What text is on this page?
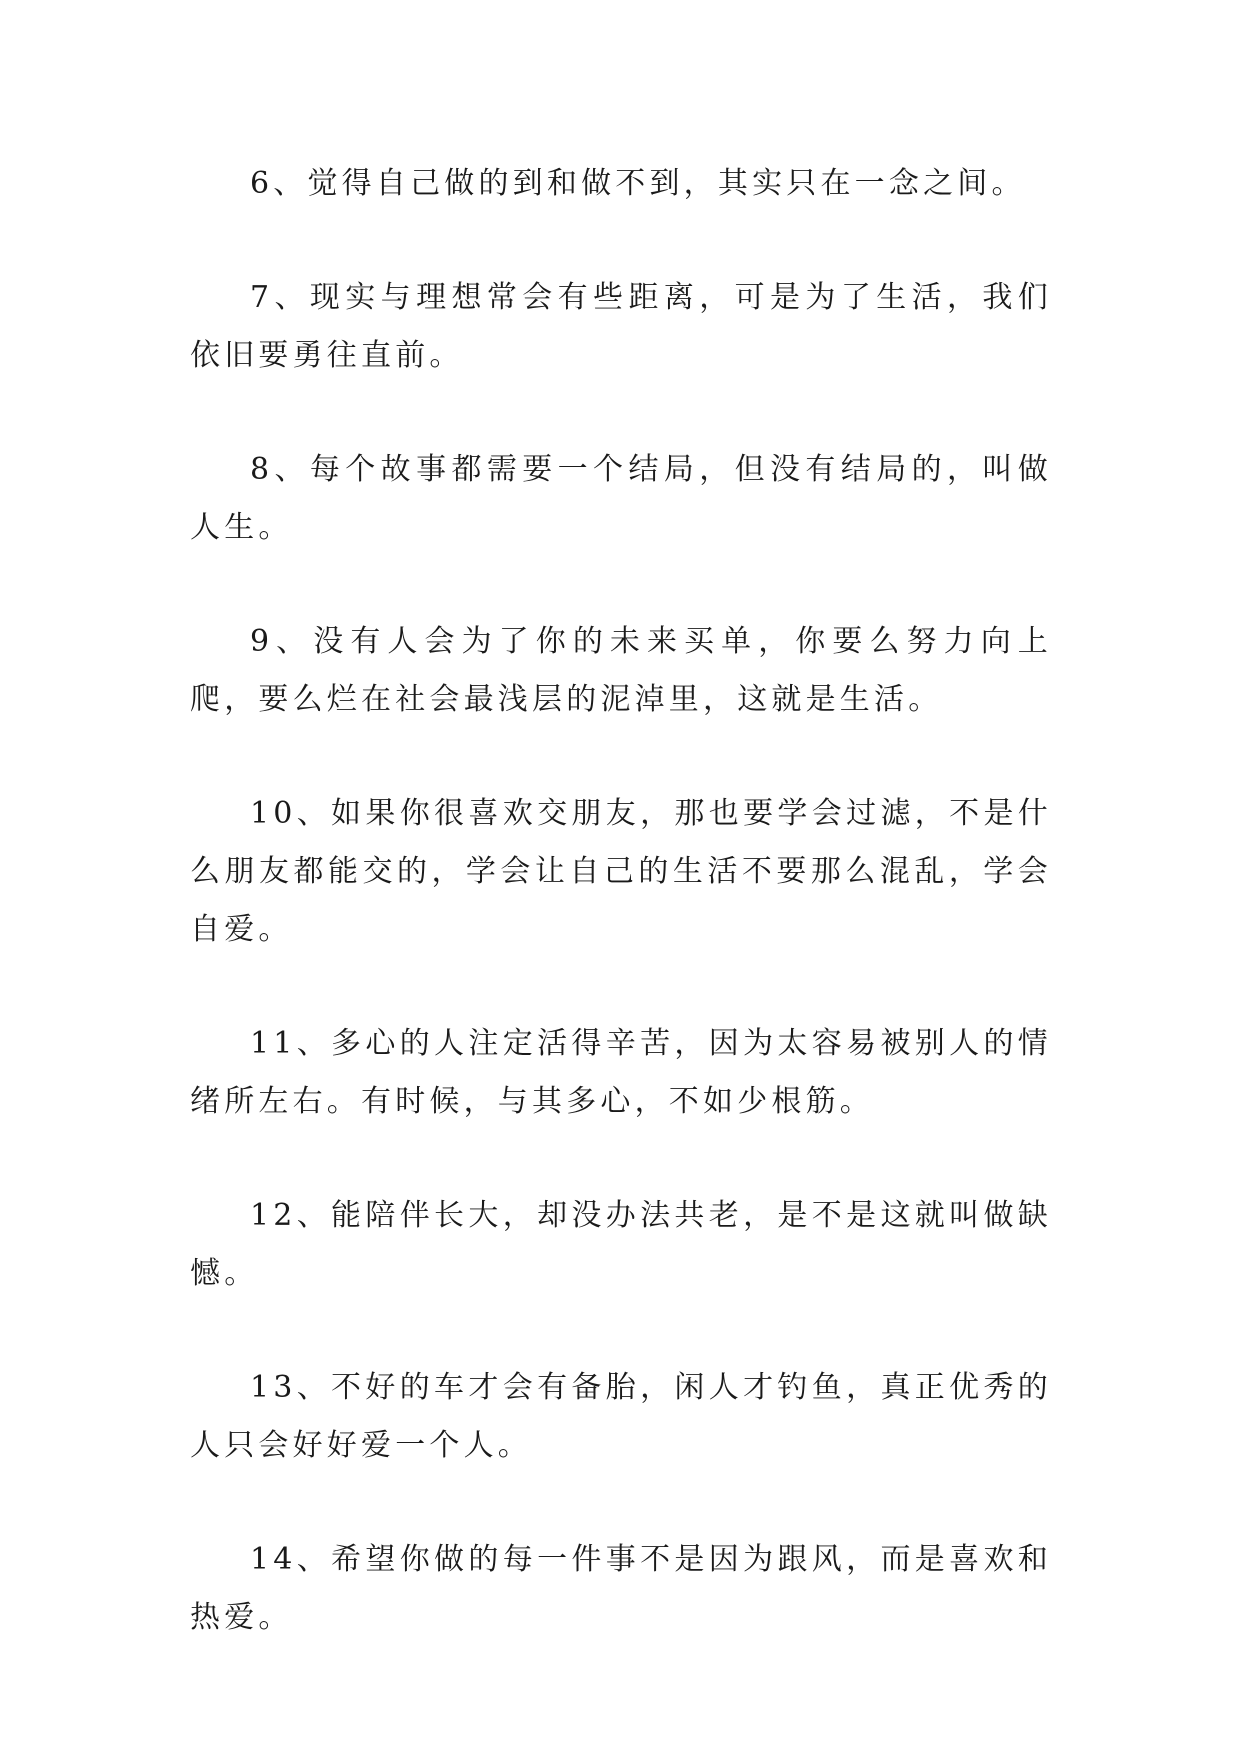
6、觉得自己做的到和做不到，其实只在一念之间。

7、现实与理想常会有些距离，可是为了生活，我们依旧要勇往直前。

8、每个故事都需要一个结局，但没有结局的，叫做人生。

9、没有人会为了你的未来买单，你要么努力向上爬，要么烂在社会最浅层的泥淖里，这就是生活。

10、如果你很喜欢交朋友，那也要学会过滤，不是什么朋友都能交的，学会让自己的生活不要那么混乱，学会自爱。

11、多心的人注定活得辛苦，因为太容易被别人的情绪所左右。有时候，与其多心，不如少根筋。

12、能陪伴长大，却没办法共老，是不是这就叫做缺憾。

13、不好的车才会有备胎，闲人才钓鱼，真正优秀的人只会好好爱一个人。

14、希望你做的每一件事不是因为跟风，而是喜欢和热爱。
